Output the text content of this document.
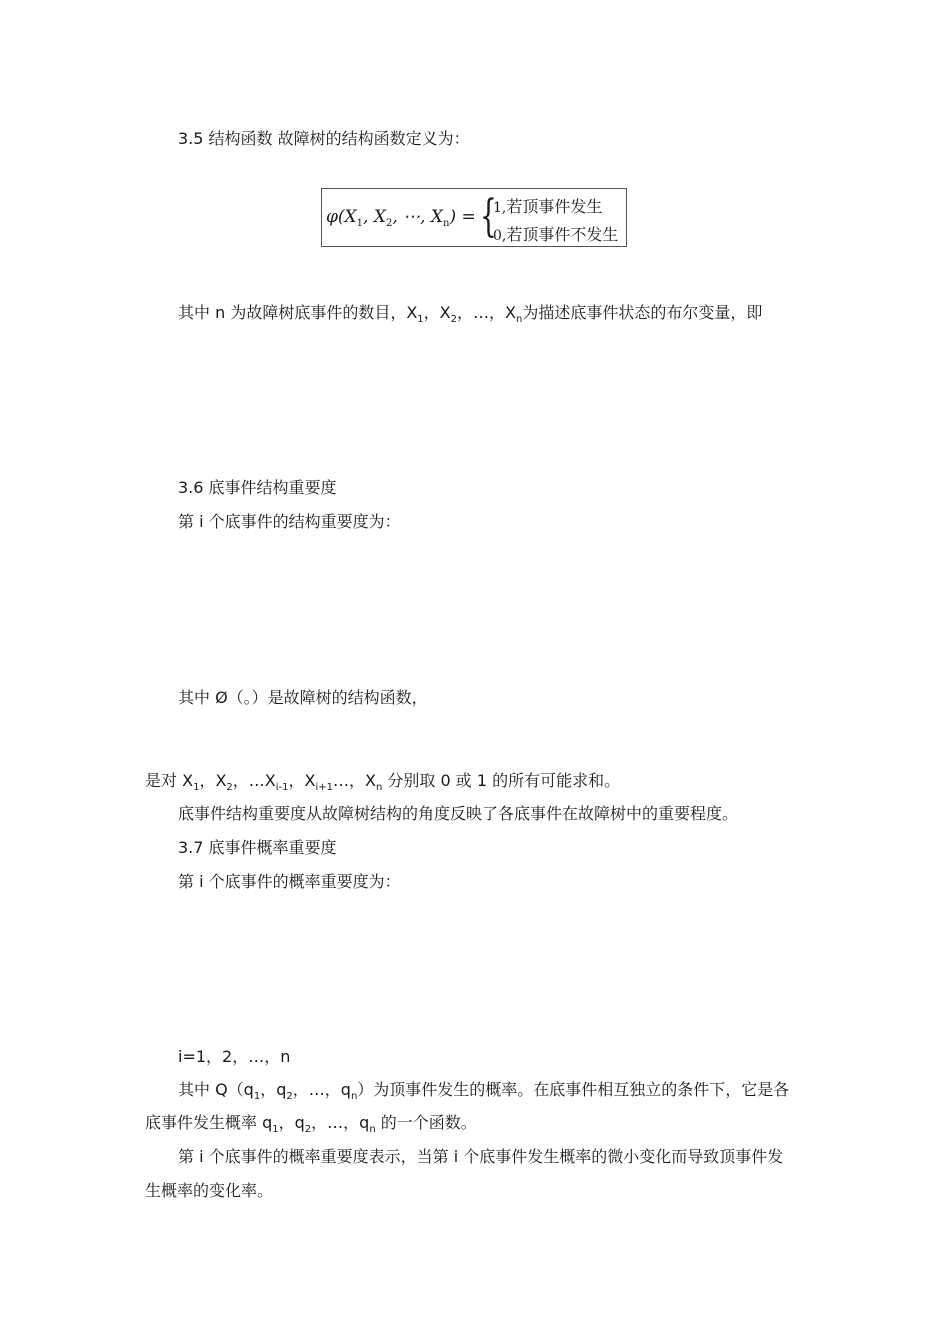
3.5 结构函数 故障树的结构函数定义为：
$\varphi(X_1$, $X_2$, ⋯, $X_n$) = {
1,若顶事件发生
0,若顶事件不发生
其中 n 为故障树底事件的数目，$X_1$，$X_2$，…，$X_n$为描述底事件状态的布尔变量，即
3.6 底事件结构重要度
第 i 个底事件的结构重要度为：
其中 Ø（。）是故障树的结构函数，
是对 $X_1$，$X_2$，$\dots X_{i-1}$，$X_{i+1}\dots$，$X_n$ 分别取 0 或 1 的所有可能求和。
底事件结构重要度从故障树结构的角度反映了各底事件在故障树中的重要程度。
3.7 底事件概率重要度
第 i 个底事件的概率重要度为：
i=1，2，…，n
其中 $Q(q_1$，$q_2$，…，$q_n$）为顶事件发生的概率。在底事件相互独立的条件下，它是各
底事件发生概率 $q_1$，$q_2$，…，$q_n$ 的一个函数。
第 i 个底事件的概率重要度表示，当第 i 个底事件发生概率的微小变化而导致顶事件发
生概率的变化率。
